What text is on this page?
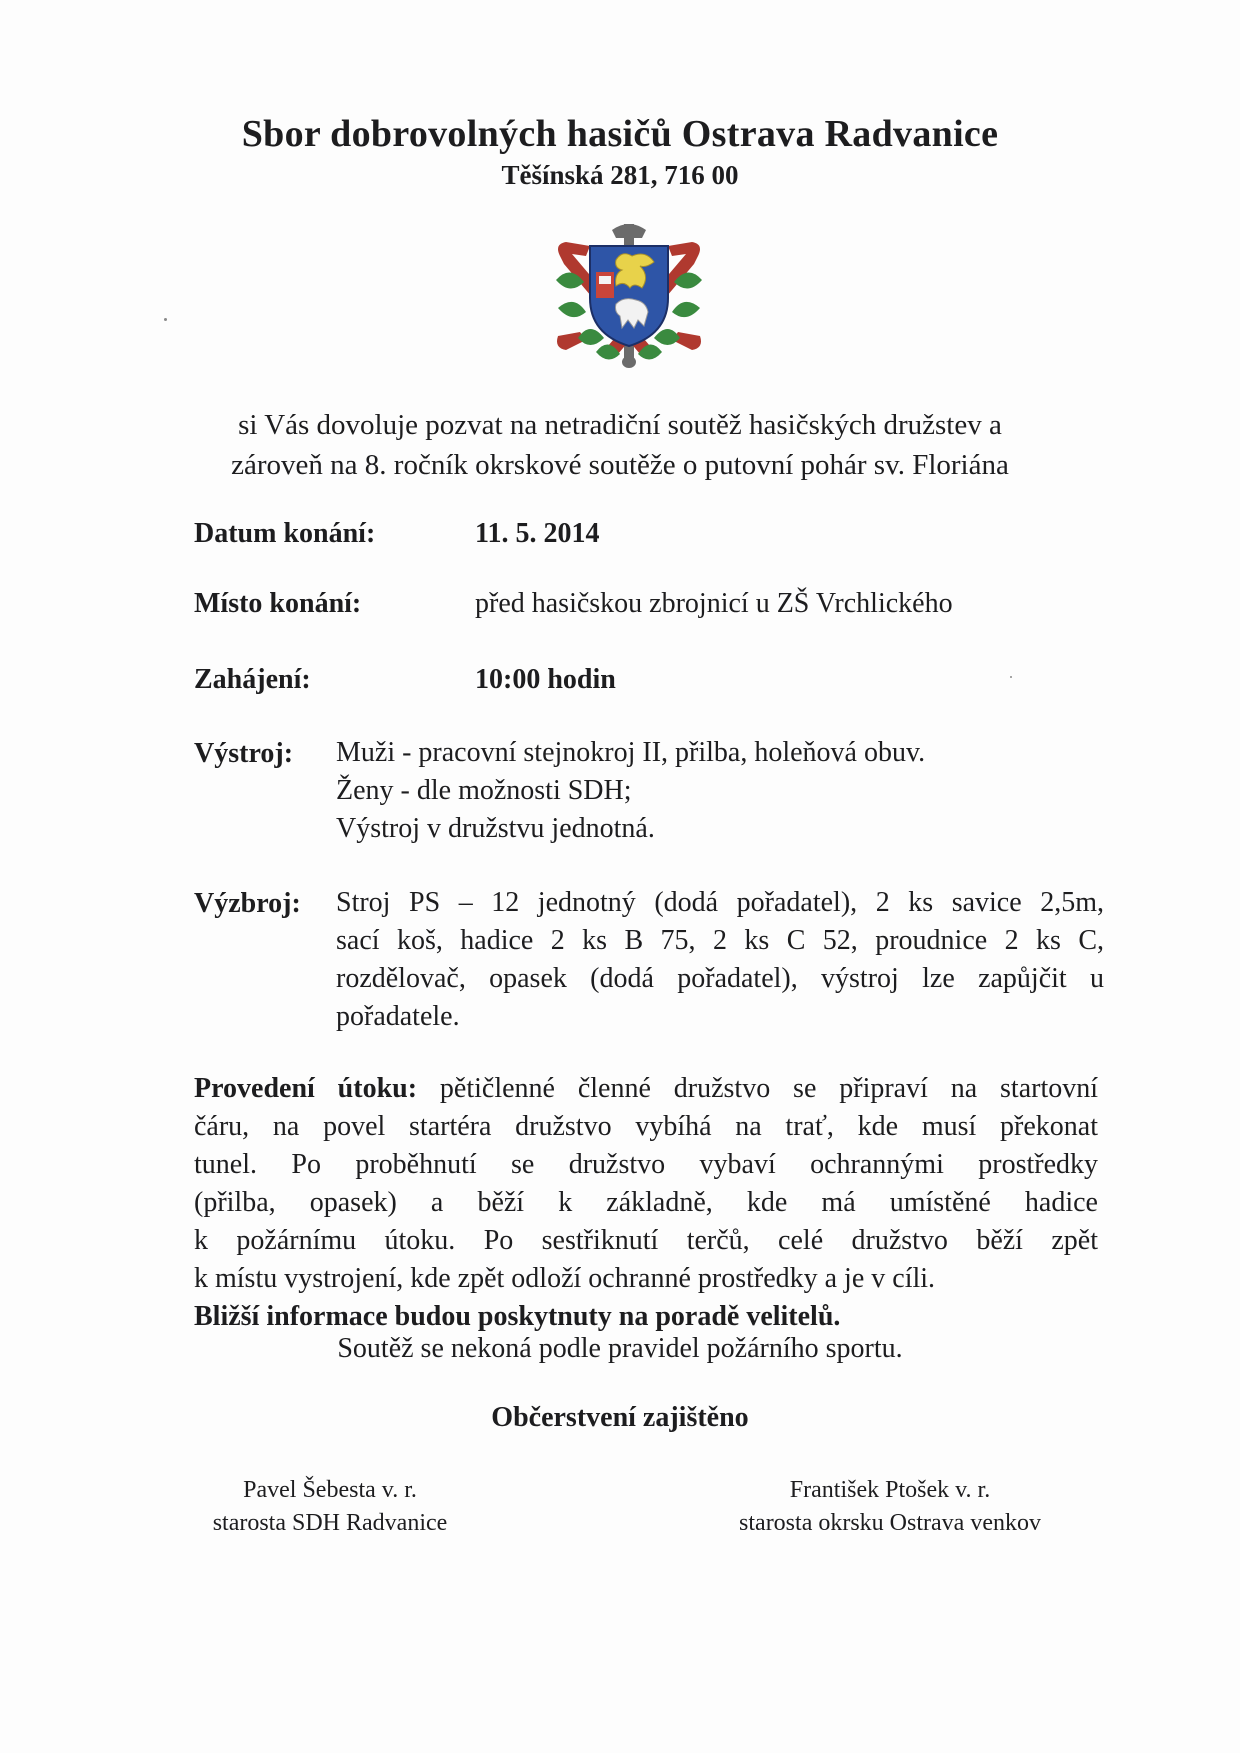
Sbor dobrovolných hasičů Ostrava Radvanice
Těšínská 281, 716 00
si Vás dovoluje pozvat na netradiční soutěž hasičských družstev a
zároveň na 8. ročník okrskové soutěže o putovní pohár sv. Floriána
Datum konání:	11. 5. 2014
Místo konání:	před hasičskou zbrojnicí u ZŠ Vrchlického
Zahájení:	10:00 hodin
Výstroj: Muži - pracovní stejnokroj II, přilba, holeňová obuv.
Ženy - dle možnosti SDH;
Výstroj v družstvu jednotná.
Výzbroj: Stroj PS – 12 jednotný (dodá pořadatel), 2 ks savice 2,5m,
sací koš, hadice 2 ks B 75, 2 ks C 52, proudnice 2 ks C,
rozdělovač, opasek (dodá pořadatel), výstroj lze zapůjčit u
pořadatele.
Provedení útoku: pětičlenné členné družstvo se připraví na startovní
čáru, na povel startéra družstvo vybíhá na trať, kde musí překonat
tunel. Po proběhnutí se družstvo vybaví ochrannými prostředky
(přilba, opasek) a běží k základně, kde má umístěné hadice
k požárnímu útoku. Po sestřiknutí terčů, celé družstvo běží zpět
k místu vystrojení, kde zpět odloží ochranné prostředky a je v cíli.
Bližší informace budou poskytnuty na poradě velitelů.
Soutěž se nekoná podle pravidel požárního sportu.
Občerstvení zajištěno
Pavel Šebesta v. r.
starosta SDH Radvanice
František Ptošek v. r.
starosta okrsku Ostrava venkov
